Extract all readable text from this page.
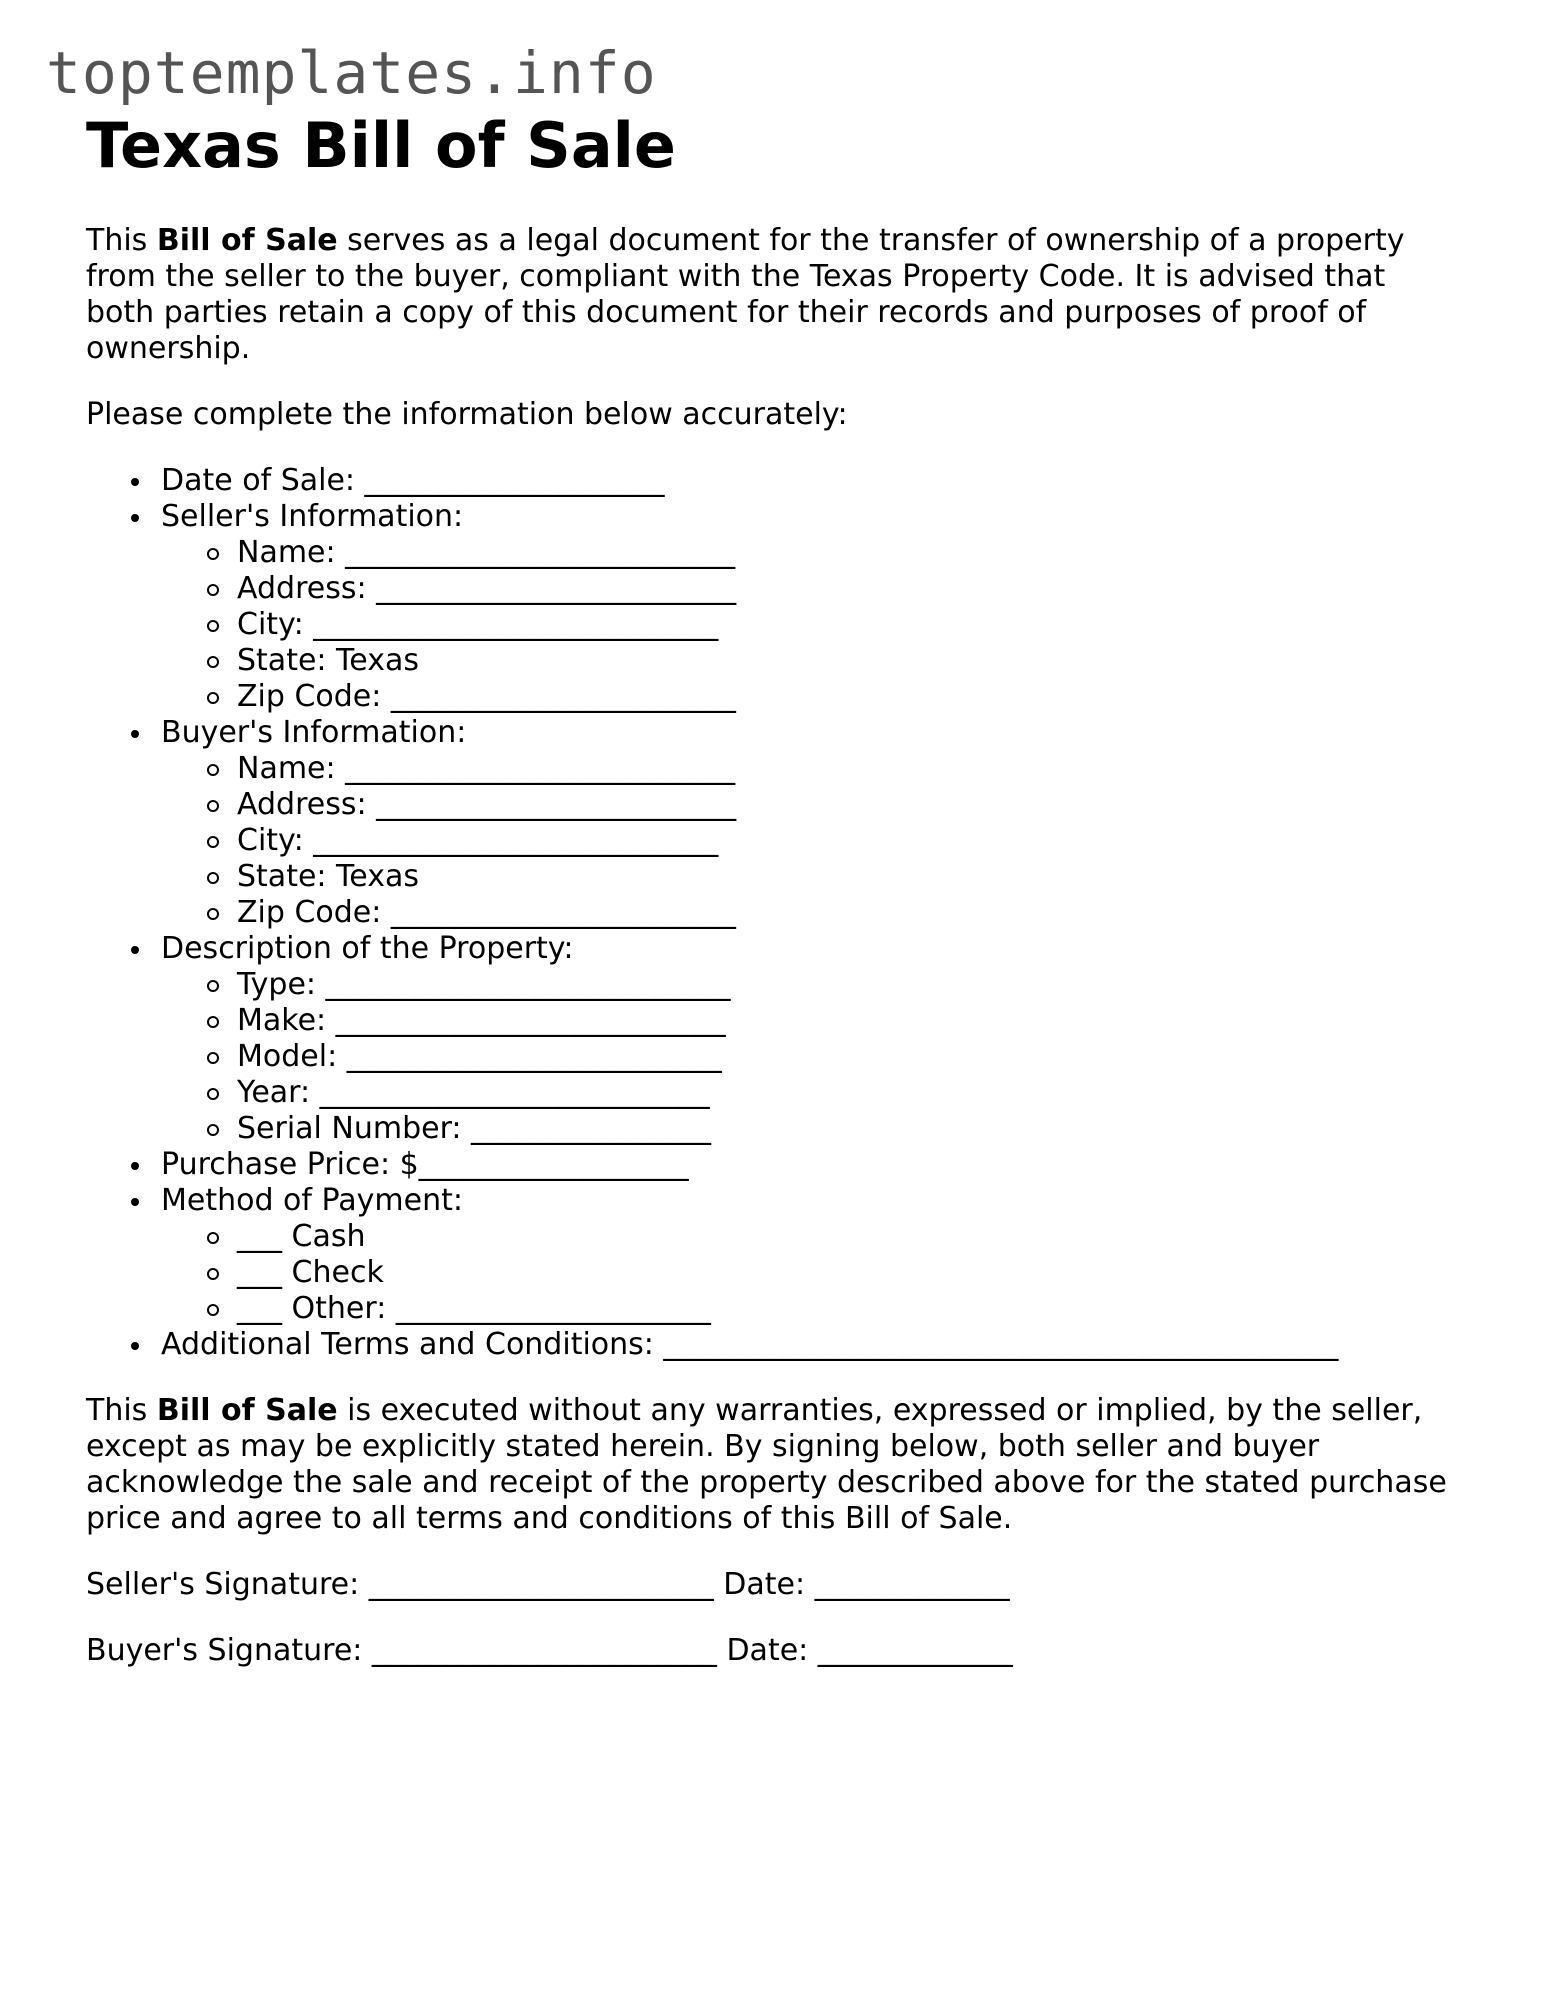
toptemplates.info
Texas Bill of Sale

This Bill of Sale serves as a legal document for the transfer of ownership of a property from the seller to the buyer, compliant with the Texas Property Code. It is advised that both parties retain a copy of this document for their records and purposes of proof of ownership.

Please complete the information below accurately:

Date of Sale: ____________________
Seller's Information:
Name: __________________________
Address: ________________________
City: ___________________________
State: Texas
Zip Code: _______________________
Buyer's Information:
Name: __________________________
Address: ________________________
City: ___________________________
State: Texas
Zip Code: _______________________
Description of the Property:
Type: ___________________________
Make: __________________________
Model: _________________________
Year: __________________________
Serial Number: ________________
Purchase Price: $__________________
Method of Payment:
___ Cash
___ Check
___ Other: _____________________
Additional Terms and Conditions: _____________________________________________

This Bill of Sale is executed without any warranties, expressed or implied, by the seller, except as may be explicitly stated herein. By signing below, both seller and buyer acknowledge the sale and receipt of the property described above for the stated purchase price and agree to all terms and conditions of this Bill of Sale.

Seller's Signature: _______________________ Date: _____________

Buyer's Signature: _______________________ Date: _____________
